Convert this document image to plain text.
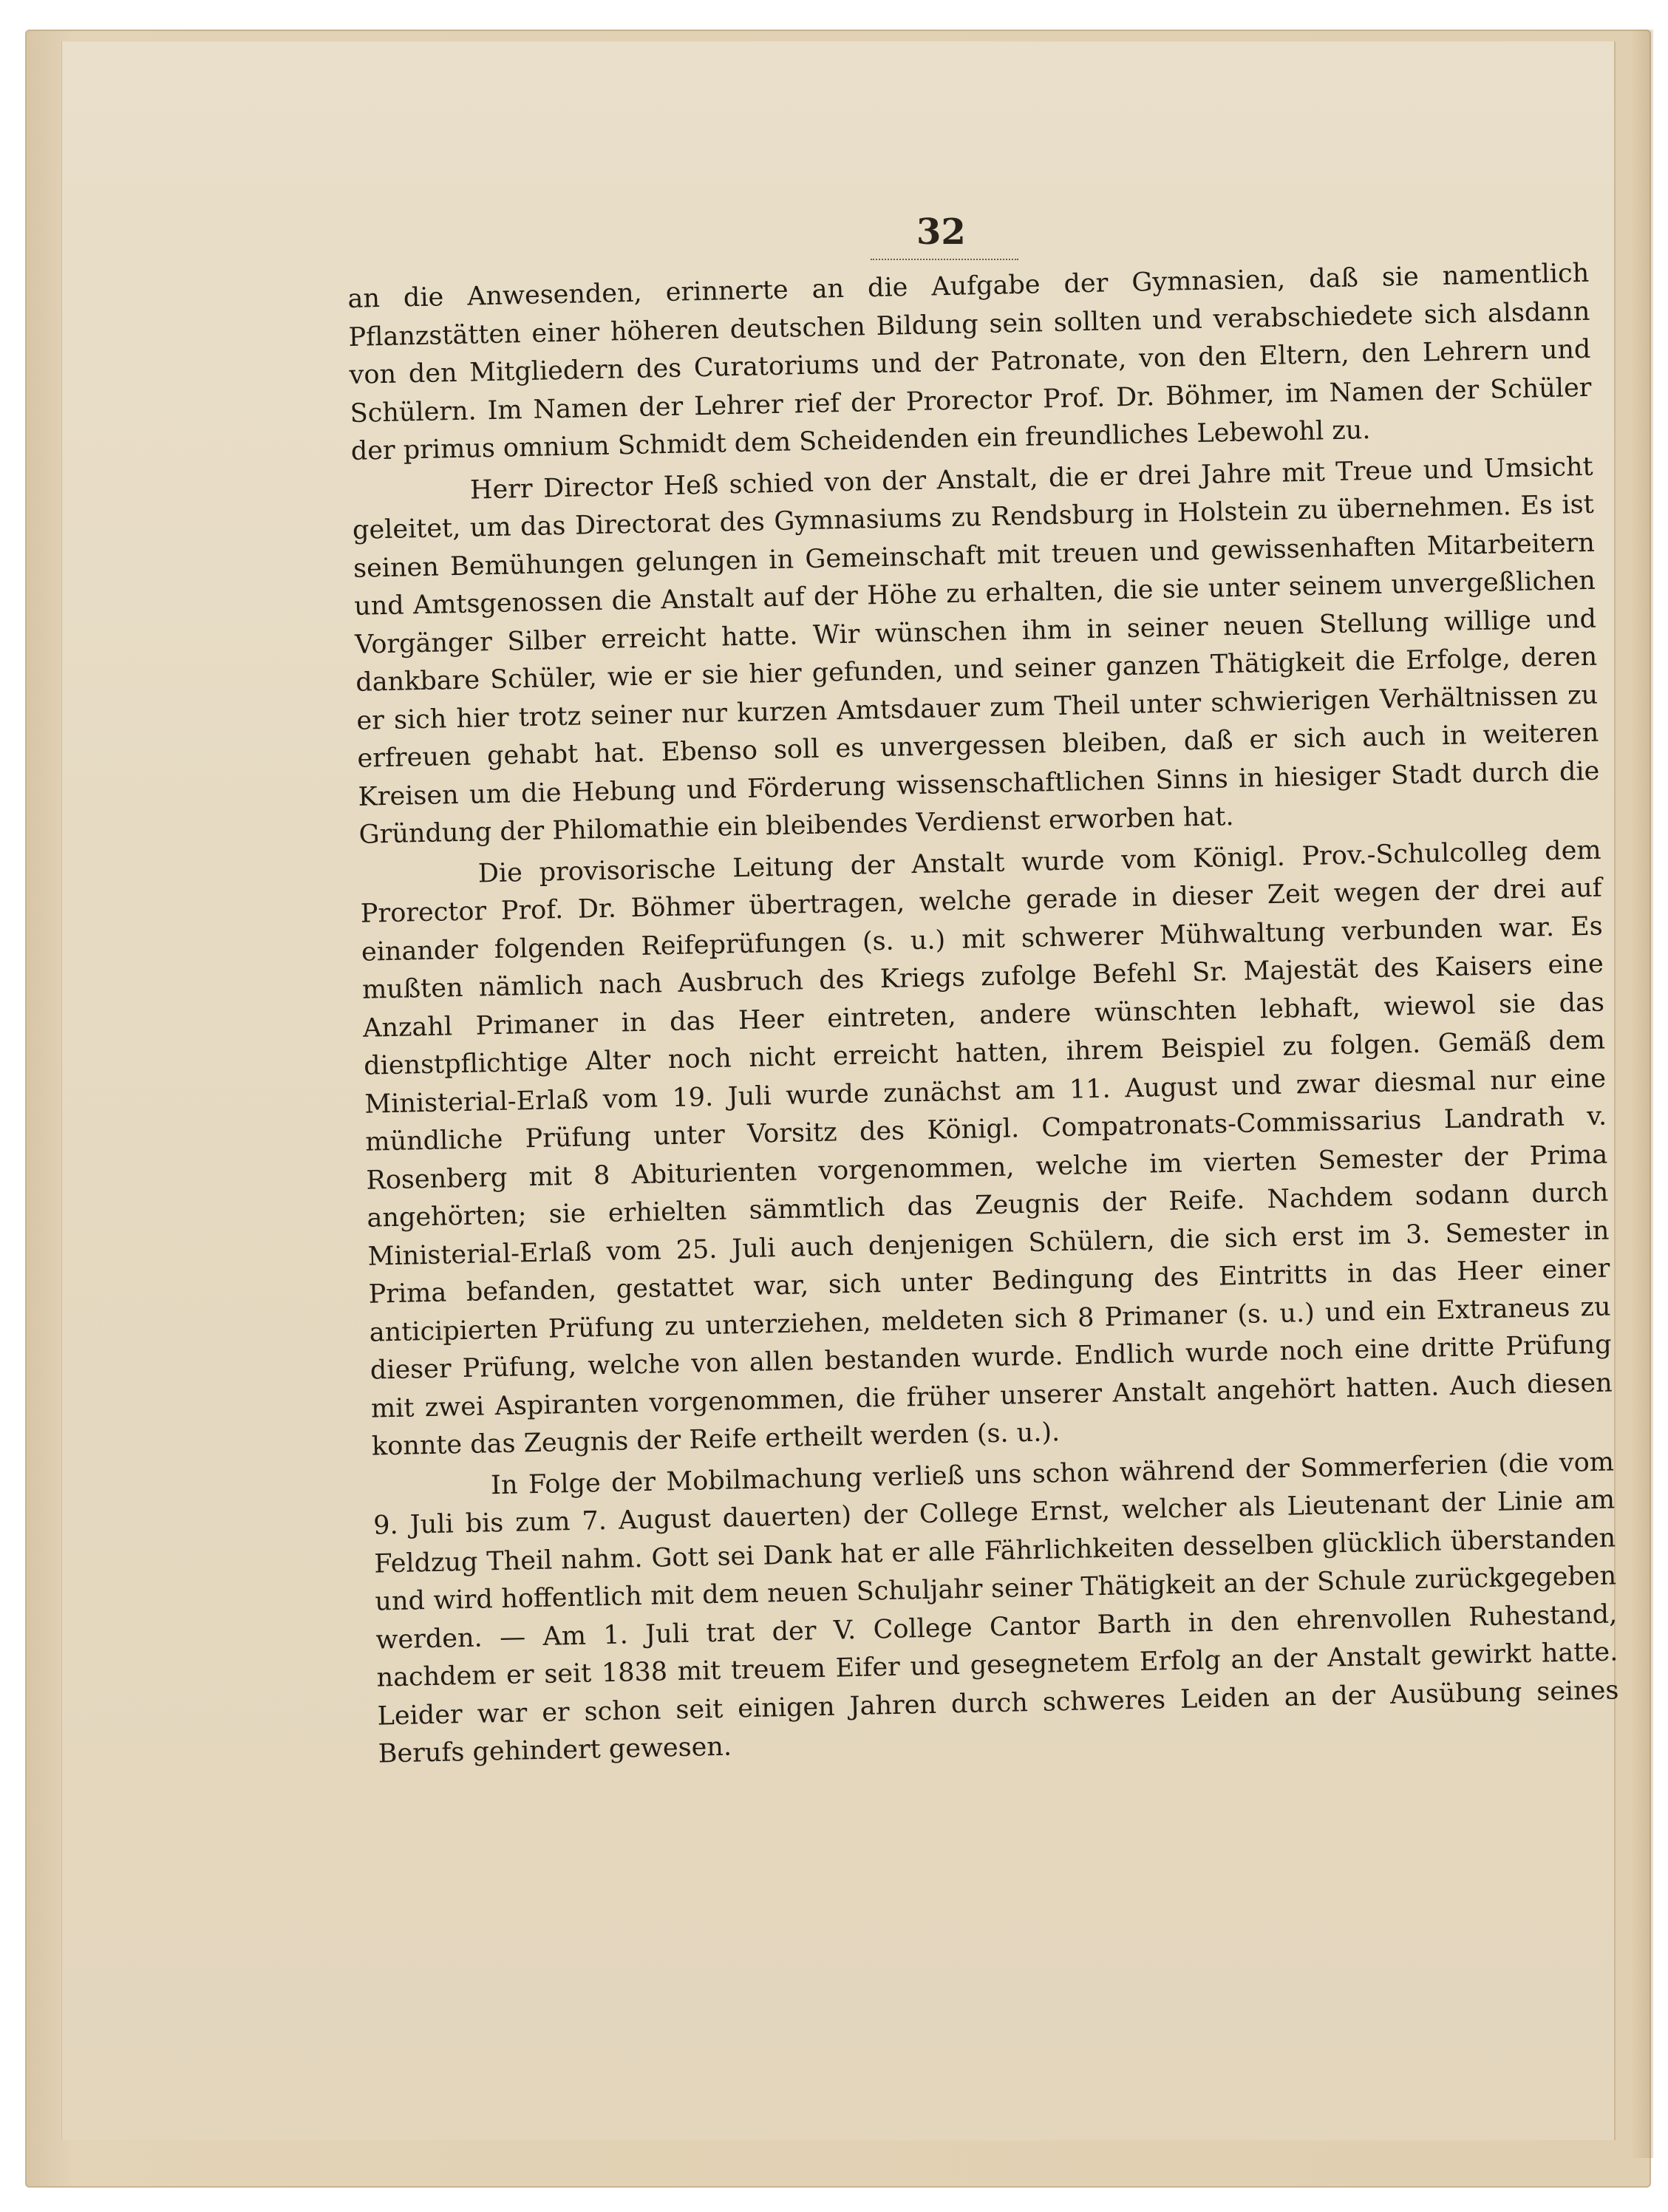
32

an die Anwesenden, erinnerte an die Aufgabe der Gymnasien, daß sie namentlich Pflanzstätten einer höheren deutschen Bildung sein sollten und verabschiedete sich alsdann von den Mitgliedern des Curatoriums und der Patronate, von den Eltern, den Lehrern und Schülern. Im Namen der Lehrer rief der Prorector Prof. Dr. Böhmer, im Namen der Schüler der primus omnium Schmidt dem Scheidenden ein freundliches Lebewohl zu.

Herr Director Heß schied von der Anstalt, die er drei Jahre mit Treue und Umsicht geleitet, um das Directorat des Gymnasiums zu Rendsburg in Holstein zu übernehmen. Es ist seinen Bemühungen gelungen in Gemeinschaft mit treuen und gewissenhaften Mitarbeitern und Amtsgenossen die Anstalt auf der Höhe zu erhalten, die sie unter seinem unvergeßlichen Vorgänger Silber erreicht hatte. Wir wünschen ihm in seiner neuen Stellung willige und dankbare Schüler, wie er sie hier gefunden, und seiner ganzen Thätigkeit die Erfolge, deren er sich hier trotz seiner nur kurzen Amtsdauer zum Theil unter schwierigen Verhältnissen zu erfreuen gehabt hat. Ebenso soll es unvergessen bleiben, daß er sich auch in weiteren Kreisen um die Hebung und Förderung wissenschaftlichen Sinns in hiesiger Stadt durch die Gründung der Philomathie ein bleibendes Verdienst erworben hat.

Die provisorische Leitung der Anstalt wurde vom Königl. Prov.-Schulcolleg dem Prorector Prof. Dr. Böhmer übertragen, welche gerade in dieser Zeit wegen der drei auf einander folgenden Reifeprüfungen (s. u.) mit schwerer Mühwaltung verbunden war. Es mußten nämlich nach Ausbruch des Kriegs zufolge Befehl Sr. Majestät des Kaisers eine Anzahl Primaner in das Heer eintreten, andere wünschten lebhaft, wiewol sie das dienstpflichtige Alter noch nicht erreicht hatten, ihrem Beispiel zu folgen. Gemäß dem Ministerial-Erlaß vom 19. Juli wurde zunächst am 11. August und zwar diesmal nur eine mündliche Prüfung unter Vorsitz des Königl. Compatronats-Commissarius Landrath v. Rosenberg mit 8 Abiturienten vorgenommen, welche im vierten Semester der Prima angehörten; sie erhielten sämmtlich das Zeugnis der Reife. Nachdem sodann durch Ministerial-Erlaß vom 25. Juli auch denjenigen Schülern, die sich erst im 3. Semester in Prima befanden, gestattet war, sich unter Bedingung des Eintritts in das Heer einer anticipierten Prüfung zu unterziehen, meldeten sich 8 Primaner (s. u.) und ein Extraneus zu dieser Prüfung, welche von allen bestanden wurde. Endlich wurde noch eine dritte Prüfung mit zwei Aspiranten vorgenommen, die früher unserer Anstalt angehört hatten. Auch diesen konnte das Zeugnis der Reife ertheilt werden (s. u.).

In Folge der Mobilmachung verließ uns schon während der Sommerferien (die vom 9. Juli bis zum 7. August dauerten) der College Ernst, welcher als Lieutenant der Linie am Feldzug Theil nahm. Gott sei Dank hat er alle Fährlichkeiten desselben glücklich überstanden und wird hoffentlich mit dem neuen Schuljahr seiner Thätigkeit an der Schule zurückgegeben werden. — Am 1. Juli trat der V. College Cantor Barth in den ehrenvollen Ruhestand, nachdem er seit 1838 mit treuem Eifer und gesegnetem Erfolg an der Anstalt gewirkt hatte. Leider war er schon seit einigen Jahren durch schweres Leiden an der Ausübung seines Berufs gehindert gewesen.
